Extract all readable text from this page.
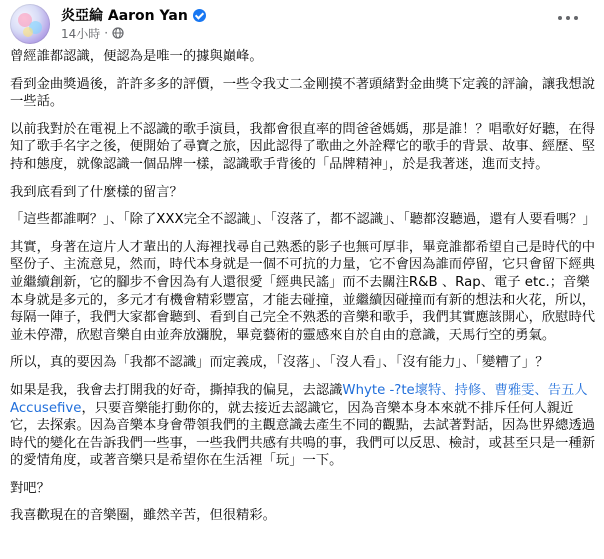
炎亞綸 Aaron Yan
14小時 ·

曾經誰都認識，便認為是唯一的據與巔峰。

看到金曲獎過後，許許多多的評價，一些令我丈二金剛摸不著頭緒對金曲獎下定義的評論，讓我想說一些話。

以前我對於在電視上不認識的歌手演員，我都會很直率的問爸爸媽媽，那是誰！？唱歌好好聽，在得知了歌手名字之後，便開始了尋寶之旅，因此認得了歌曲之外詮釋它的歌手的背景、故事、經歷、堅持和態度，就像認識一個品牌一樣，認識歌手背後的「品牌精神」，於是我著迷，進而支持。

我到底看到了什麼樣的留言？

「這些都誰啊？」、「除了XXX完全不認識」、「沒落了，都不認識」、「聽都沒聽過，還有人要看嗎？」

其實，身著在這片人才輩出的人海裡找尋自己熟悉的影子也無可厚非，畢竟誰都希望自己是時代的中堅份子、主流意見，然而，時代本身就是一個不可抗的力量，它不會因為誰而停留，它只會留下經典並繼續創新，它的腳步不會因為有人還很愛「經典民謠」而不去關注R&B 、Rap、電子 etc.；音樂本身就是多元的，多元才有機會精彩豐富，才能去碰撞，並繼續因碰撞而有新的想法和火花，所以，每隔一陣子，我們大家都會聽到、看到自己完全不熟悉的音樂和歌手，我們其實應該開心，欣慰時代並未停滯，欣慰音樂自由並奔放瀰脫，畢竟藝術的靈感來自於自由的意識，天馬行空的勇氣。

所以，真的要因為「我都不認識」而定義成，「沒落」、「沒人看」、「沒有能力」、「變糟了」？

如果是我，我會去打開我的好奇，撕掉我的偏見，去認識Whyte -?te壞特、持修、曹雅雯、告五人 Accusefive，只要音樂能打動你的，就去接近去認識它，因為音樂本身本來就不排斥任何人親近它，去探索。因為音樂本身會帶領我們的主觀意識去產生不同的觀點，去試著對話，因為世界總透過時代的變化在告訴我們一些事，一些我們共感有共鳴的事，我們可以反思、檢討，或甚至只是一種新的愛情角度，或著音樂只是希望你在生活裡「玩」一下。

對吧？

我喜歡現在的音樂圈，雖然辛苦，但很精彩。
